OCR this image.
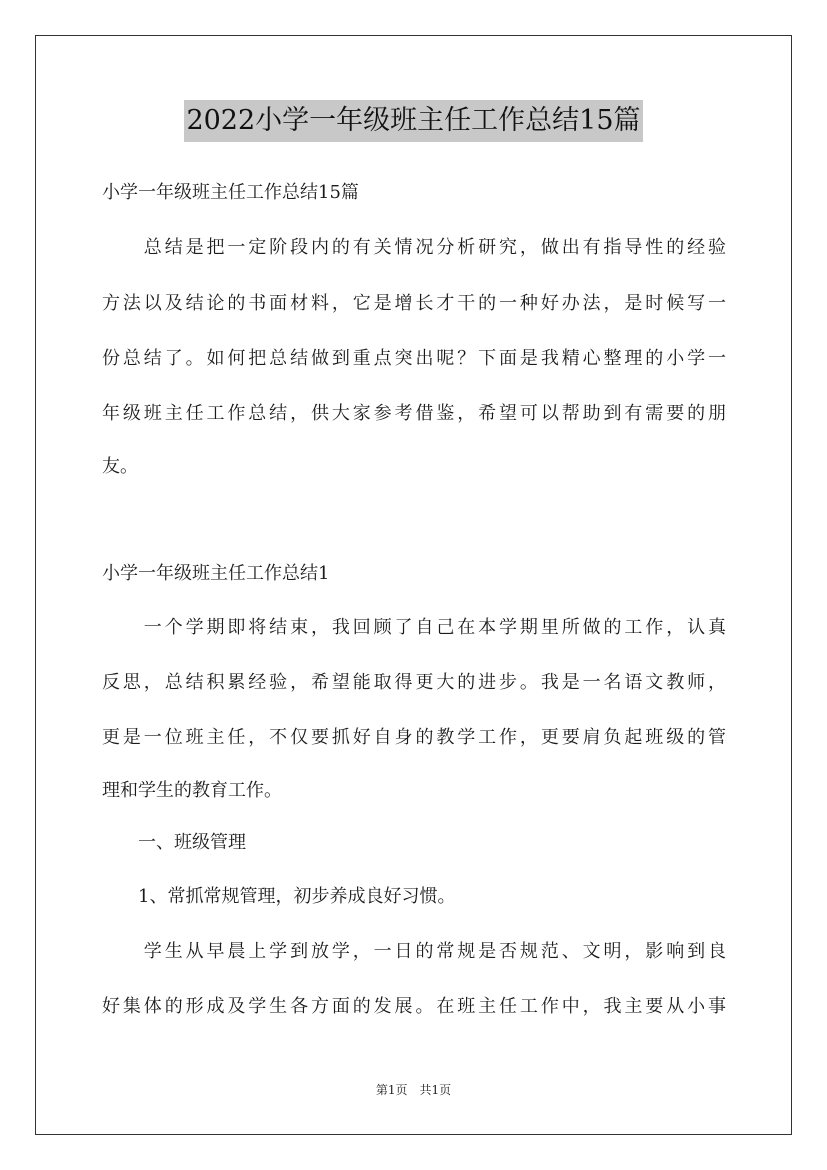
2022小学一年级班主任工作总结15篇
小学一年级班主任工作总结15篇
　　总结是把一定阶段内的有关情况分析研究，做出有指导性的经验
方法以及结论的书面材料，它是增长才干的一种好办法，是时候写一
份总结了。如何把总结做到重点突出呢？下面是我精心整理的小学一
年级班主任工作总结，供大家参考借鉴，希望可以帮助到有需要的朋
友。
小学一年级班主任工作总结1
　　一个学期即将结束，我回顾了自己在本学期里所做的工作，认真
反思，总结积累经验，希望能取得更大的进步。我是一名语文教师，
更是一位班主任，不仅要抓好自身的教学工作，更要肩负起班级的管
理和学生的教育工作。
　　一、班级管理
　　1、常抓常规管理，初步养成良好习惯。
　　学生从早晨上学到放学，一日的常规是否规范、文明，影响到良
好集体的形成及学生各方面的发展。在班主任工作中，我主要从小事
第1页　共1页
